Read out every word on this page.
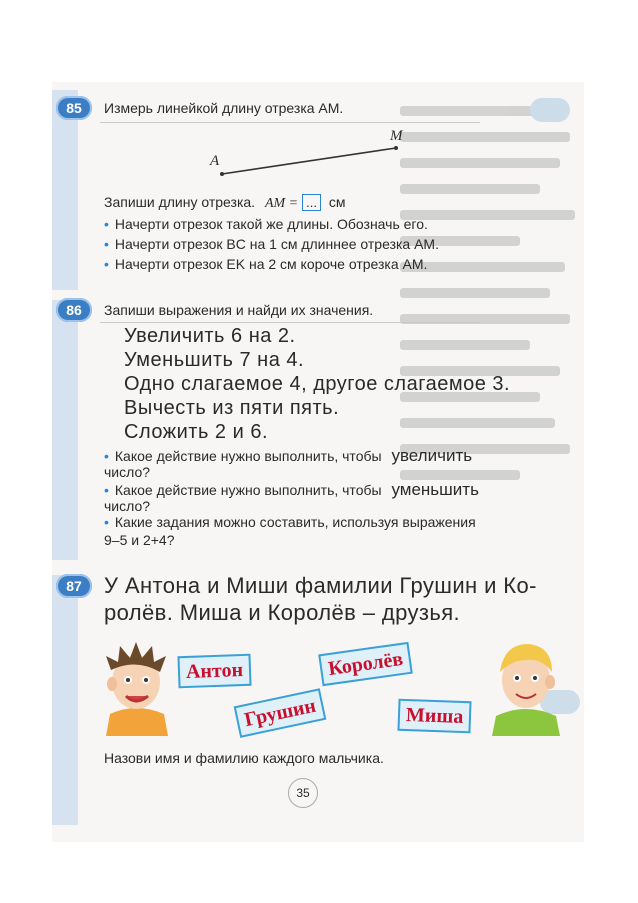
85	Измерь линейкой длину отрезка AM.
A
M
Запиши длину отрезка. AM = ... см
• Начерти отрезок такой же длины. Обозначь его.
• Начерти отрезок BC на 1 см длиннее отрезка AM.
• Начерти отрезок EK на 2 см короче отрезка AM.
86	Запиши выражения и найди их значения.
Увеличить 6 на 2.
Уменьшить 7 на 4.
Одно слагаемое 4, другое слагаемое 3.
Вычесть из пяти пять.
Сложить 2 и 6.
• Какое действие нужно выполнить, чтобы увеличить
число?
• Какое действие нужно выполнить, чтобы уменьшить
число?
• Какие задания можно составить, используя выражения
9–5 и 2+4?
87	У Антона и Миши фамилии Грушин и Ко-
ролёв. Миша и Королёв – друзья.
Антон	Королёв
Грушин	Миша
Назови имя и фамилию каждого мальчика.
35
